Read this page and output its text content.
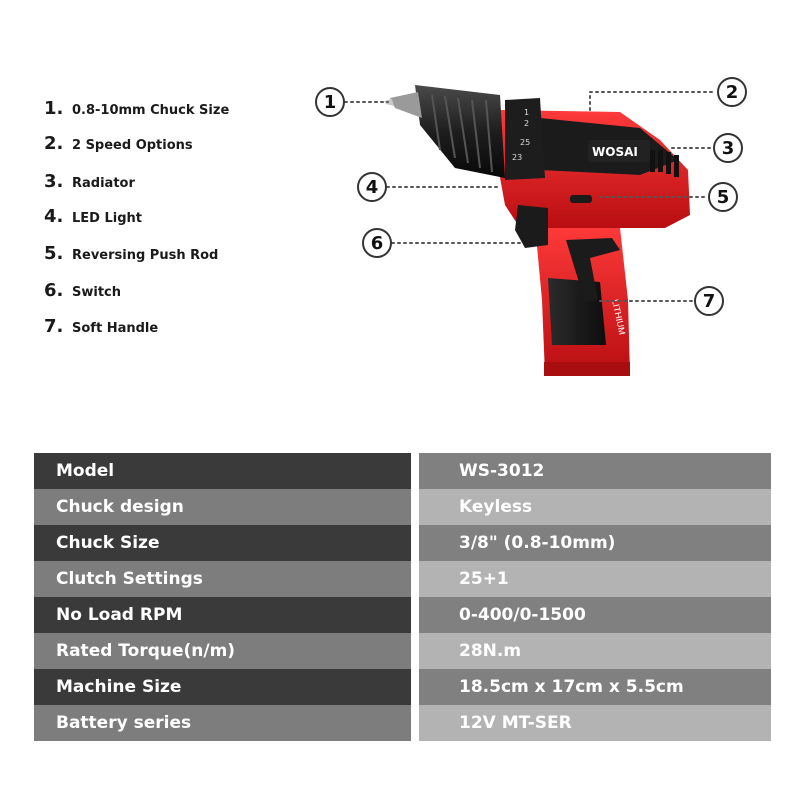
1. 0.8-10mm Chuck Size
2. 2 Speed Options
3. Radiator
4. LED Light
5. Reversing Push Rod
6. Switch
7. Soft Handle	LITHIUM
WOSAI
23
25
1
2
1	2
3
4	5
6
7
Model	WS-3012
Chuck design	Keyless
Chuck Size	3/8" (0.8-10mm)
Clutch Settings	25+1
No Load RPM	0-400/0-1500
Rated Torque(n/m)	28N.m
Machine Size	18.5cm x 17cm x 5.5cm
Battery series	12V MT-SER
